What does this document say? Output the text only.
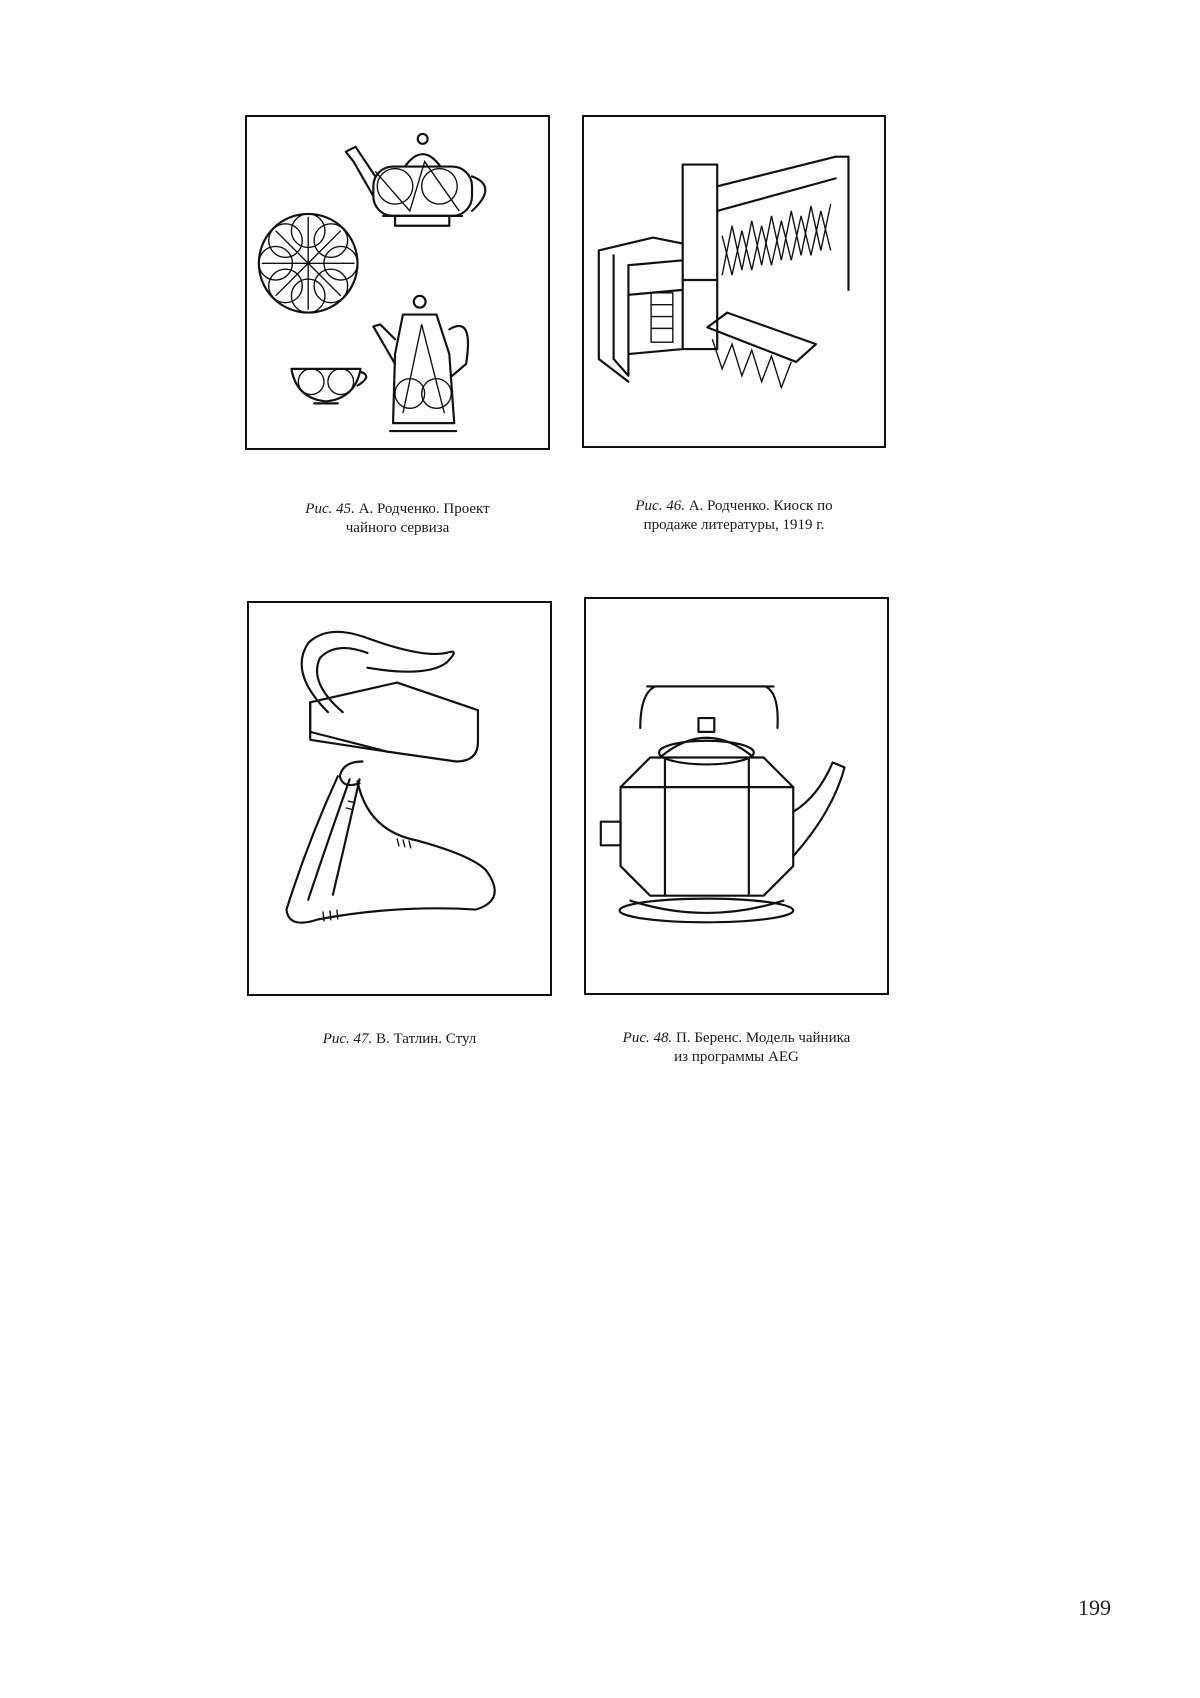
Рис. 45. А. Родченко. Проект
чайного сервиза
Рис. 46. А. Родченко. Киоск по
продаже литературы, 1919 г.
Рис. 47. В. Татлин. Стул	Рис. 48. П. Беренс. Модель чайника
из программы AEG
199
